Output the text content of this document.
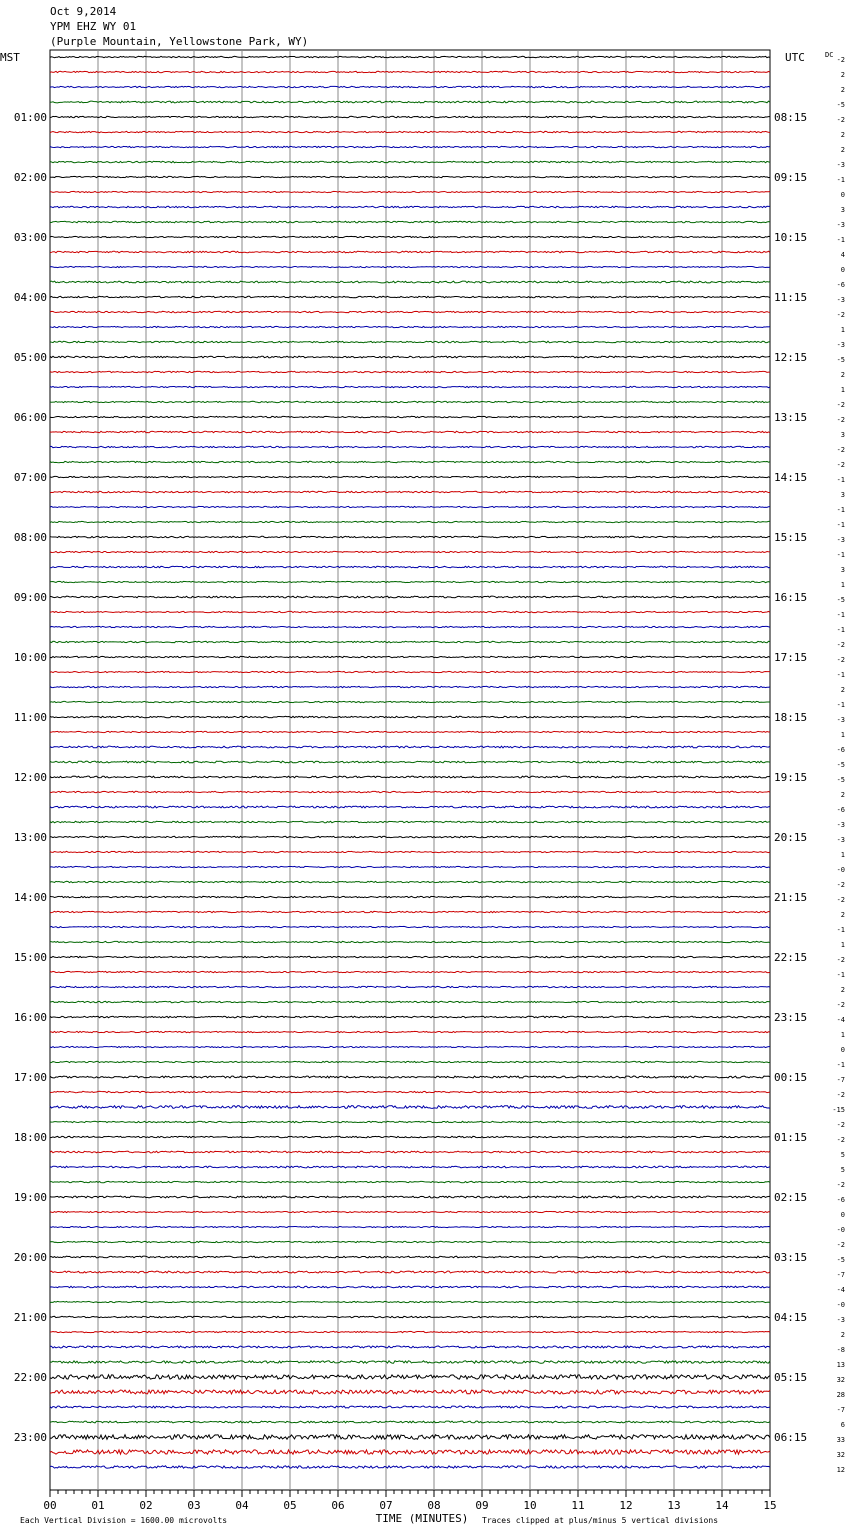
Oct 9,2014
YPM EHZ WY 01
(Purple Mountain, Yellowstone Park, WY)
MST	UTC	DC
01:00
02:00
03:00
04:00
05:00
06:00
07:00
08:00
09:00
10:00
11:00
12:00
13:00
14:00
15:00
16:00
17:00
18:00
19:00
20:00
21:00
22:00
23:00
08:15
09:15
10:15
11:15
12:15
13:15
14:15
15:15
16:15
17:15
18:15
19:15
20:15
21:15
22:15
23:15
00:15
01:15
02:15
03:15
04:15
05:15
06:15
-2
2
2
-5
-2
2
2
-3
-1
0
3
-3
-1
4
0
-6
-3
-2
1
-3
-5
2
1
-2
-2
3
-2
-2
-1
3
-1
-1
-3
-1
3
1
-5
-1
-1
-2
-2
-1
2
-1
-3
1
-6
-5
-5
2
-6
-3
-3
1
-0
-2
-2
2
-1
1
-2
-1
2
-2
-4
1
0
-1
-7
-2
-15
-2
-2
5
5
-2
-6
0
-0
-2
-5
-7
-4
-0
-3
2
-8
13
32
28
-7
6
33
32
12
00	01	02	03	04	05	06	07	08	09	10	11	12	13	14	15
TIME (MINUTES)
Each Vertical Division = 1600.00 microvolts	Traces clipped at plus/minus 5 vertical divisions
